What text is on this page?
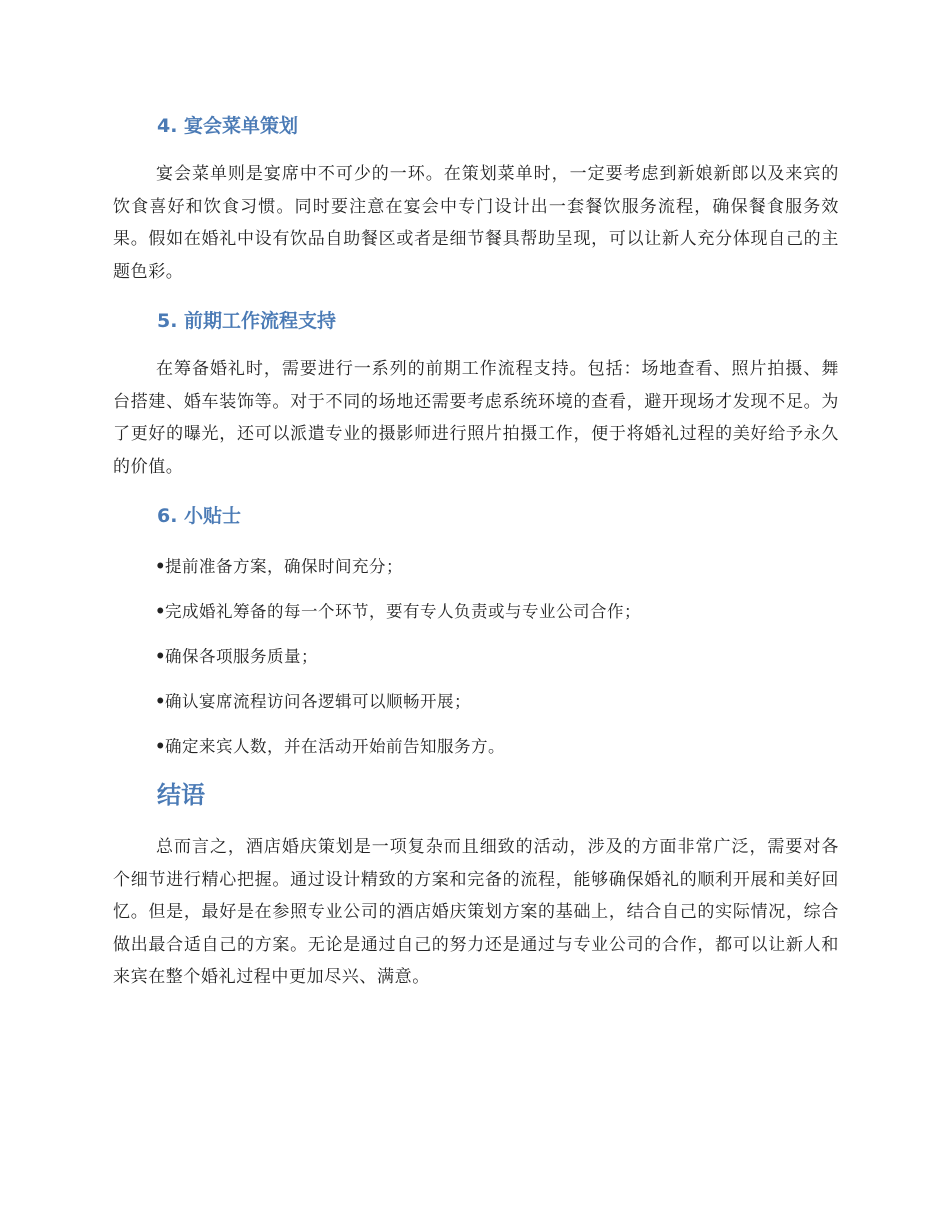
4. 宴会菜单策划

宴会菜单则是宴席中不可少的一环。在策划菜单时，一定要考虑到新娘新郎以及来宾的饮食喜好和饮食习惯。同时要注意在宴会中专门设计出一套餐饮服务流程，确保餐食服务效果。假如在婚礼中设有饮品自助餐区或者是细节餐具帮助呈现，可以让新人充分体现自己的主题色彩。

5. 前期工作流程支持

在筹备婚礼时，需要进行一系列的前期工作流程支持。包括：场地查看、照片拍摄、舞台搭建、婚车装饰等。对于不同的场地还需要考虑系统环境的查看，避开现场才发现不足。为了更好的曝光，还可以派遣专业的摄影师进行照片拍摄工作，便于将婚礼过程的美好给予永久的价值。

6. 小贴士

•提前准备方案，确保时间充分；

•完成婚礼筹备的每一个环节，要有专人负责或与专业公司合作；

•确保各项服务质量；

•确认宴席流程访问各逻辑可以顺畅开展；

•确定来宾人数，并在活动开始前告知服务方。

结语

总而言之，酒店婚庆策划是一项复杂而且细致的活动，涉及的方面非常广泛，需要对各个细节进行精心把握。通过设计精致的方案和完备的流程，能够确保婚礼的顺利开展和美好回忆。但是，最好是在参照专业公司的酒店婚庆策划方案的基础上，结合自己的实际情况，综合做出最合适自己的方案。无论是通过自己的努力还是通过与专业公司的合作，都可以让新人和来宾在整个婚礼过程中更加尽兴、满意。
